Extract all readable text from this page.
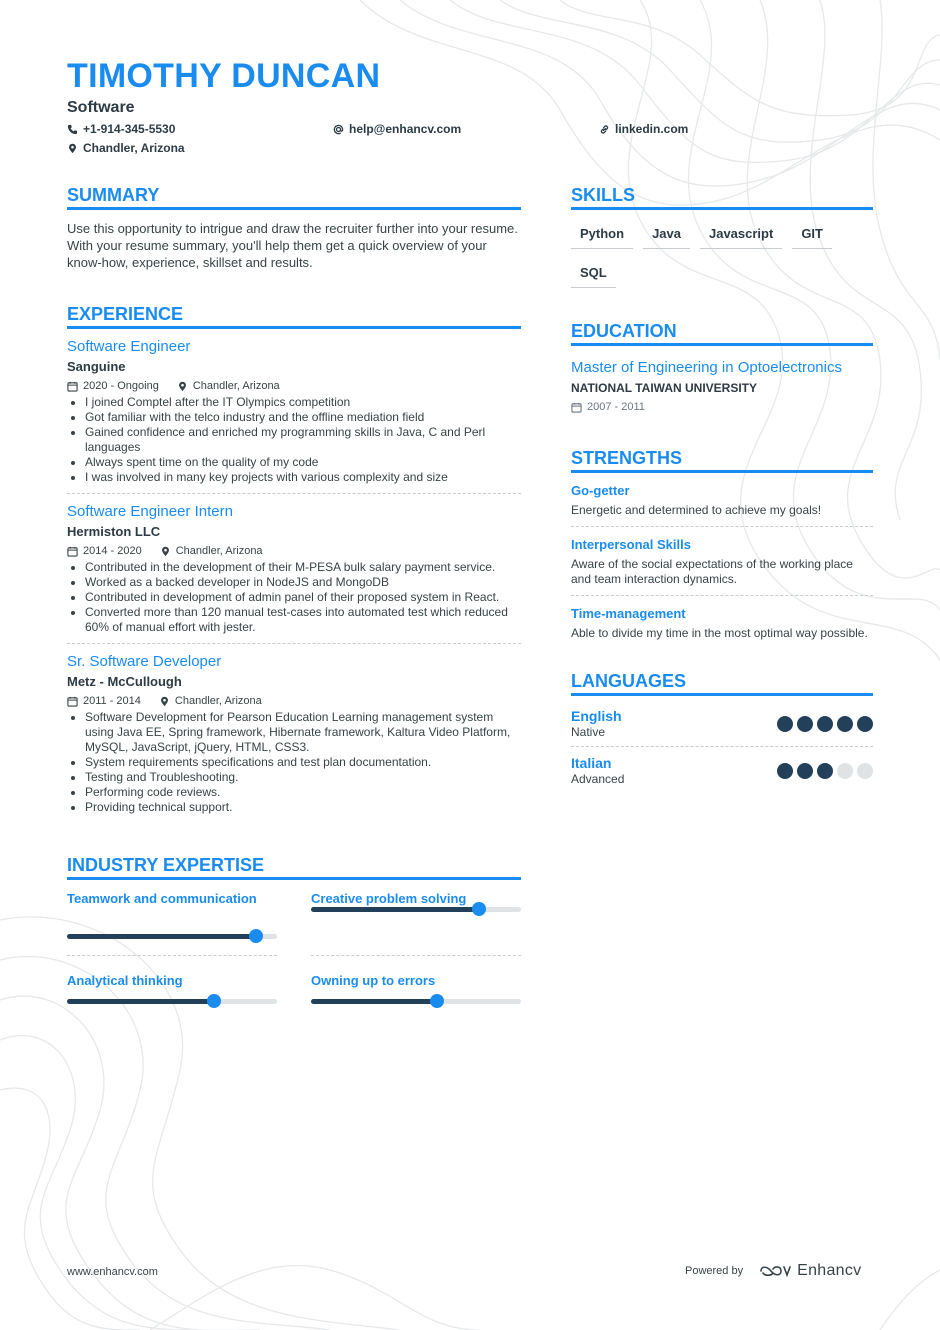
TIMOTHY DUNCAN
Software
+1-914-345-5530	help@enhancv.com	linkedin.com
Chandler, Arizona
SUMMARY
Use this opportunity to intrigue and draw the recruiter further into your resume. With your resume summary, you'll help them get a quick overview of your know-how, experience, skillset and results.
EXPERIENCE
Software Engineer
Sanguine
2020 - Ongoing	Chandler, Arizona
• I joined Comptel after the IT Olympics competition
• Got familiar with the telco industry and the offline mediation field
• Gained confidence and enriched my programming skills in Java, C and Perl languages
• Always spent time on the quality of my code
• I was involved in many key projects with various complexity and size
Software Engineer Intern
Hermiston LLC
2014 - 2020	Chandler, Arizona
• Contributed in the development of their M-PESA bulk salary payment service.
• Worked as a backed developer in NodeJS and MongoDB
• Contributed in development of admin panel of their proposed system in React.
• Converted more than 120 manual test-cases into automated test which reduced 60% of manual effort with jester.
Sr. Software Developer
Metz - McCullough
2011 - 2014	Chandler, Arizona
• Software Development for Pearson Education Learning management system using Java EE, Spring framework, Hibernate framework, Kaltura Video Platform, MySQL, JavaScript, jQuery, HTML, CSS3.
• System requirements specifications and test plan documentation.
• Testing and Troubleshooting.
• Performing code reviews.
• Providing technical support.
INDUSTRY EXPERTISE
Teamwork and communication	Creative problem solving
Analytical thinking	Owning up to errors
SKILLS
Python	Java	Javascript	GIT
SQL
EDUCATION
Master of Engineering in Optoelectronics
NATIONAL TAIWAN UNIVERSITY
2007 - 2011
STRENGTHS
Go-getter
Energetic and determined to achieve my goals!
Interpersonal Skills
Aware of the social expectations of the working place and team interaction dynamics.
Time-management
Able to divide my time in the most optimal way possible.
LANGUAGES
English
Native
Italian
Advanced
www.enhancv.com	Powered by	Enhancv
